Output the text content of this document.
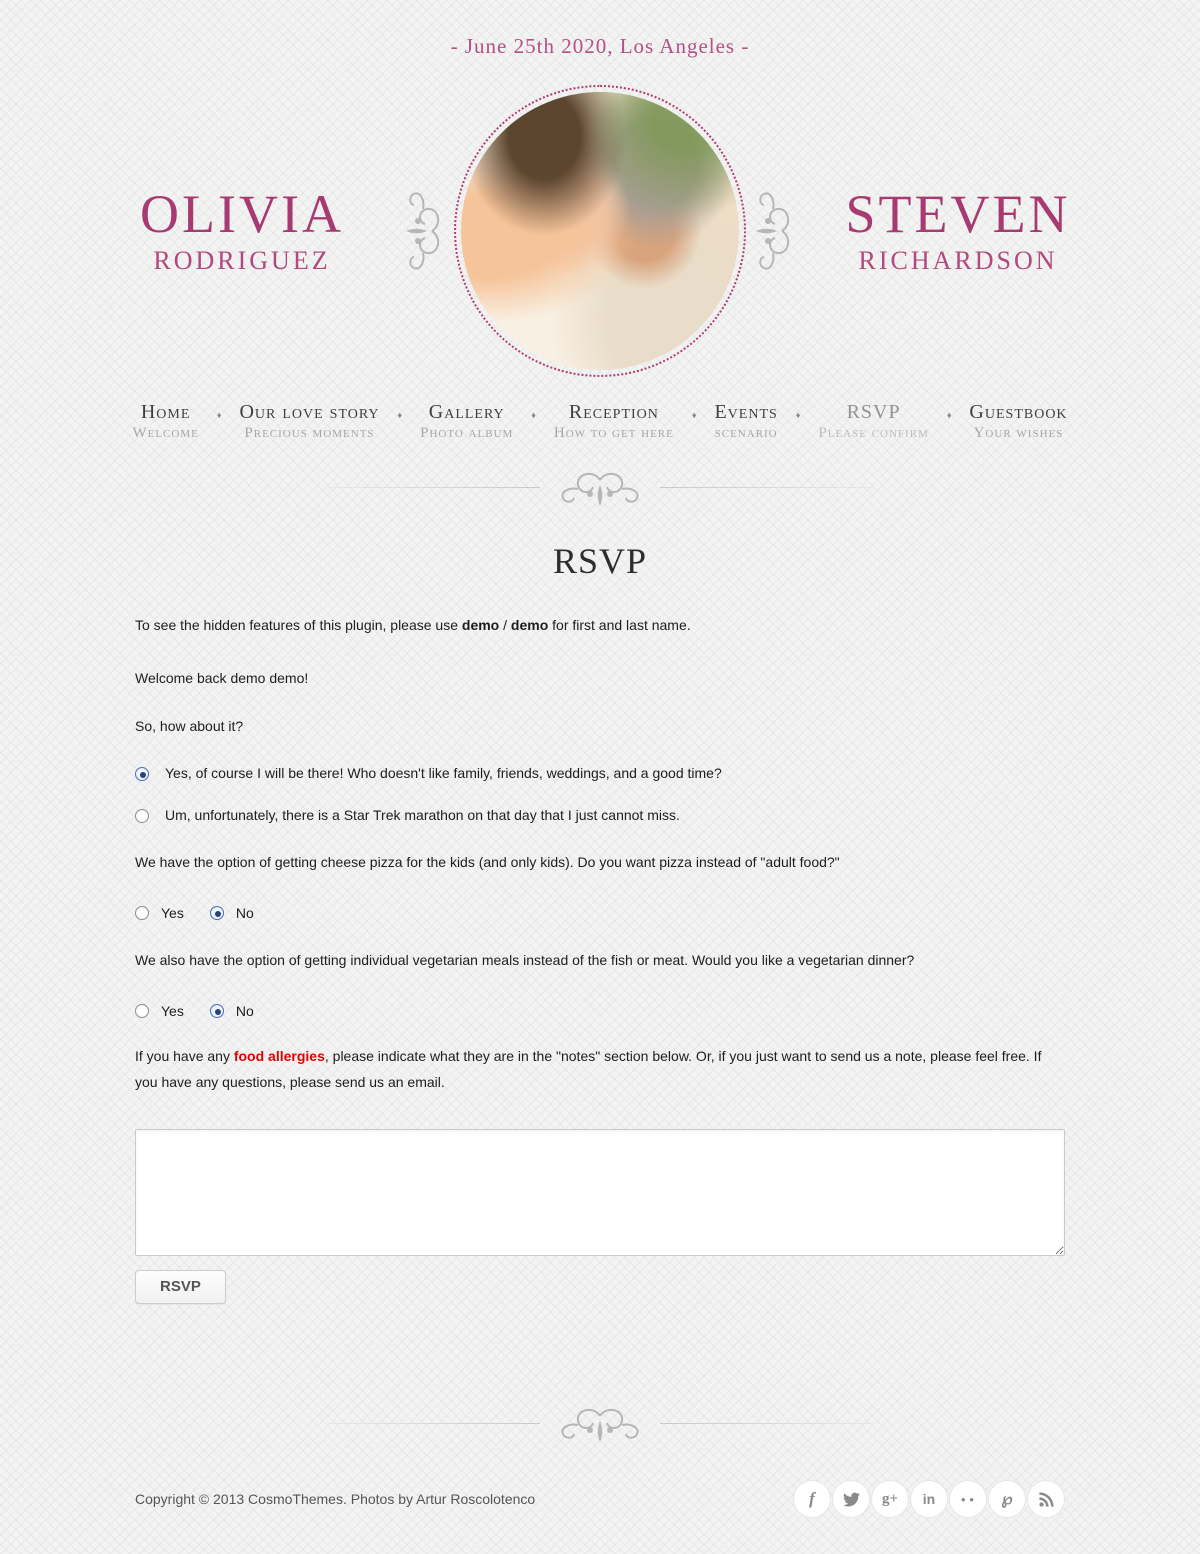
- June 25th 2020, Los Angeles -
OLIVIA
RODRIGUEZ
STEVEN
RICHARDSON
Home
Welcome
♦
Our love story
Precious moments
♦
Gallery
Photo album
♦
Reception
How to get here
♦
Events
scenario
♦
RSVP
Please confirm
♦
Guestbook
Your wishes
RSVP

To see the hidden features of this plugin, please use demo / demo for first and last name.

Welcome back demo demo!

So, how about it?

Yes, of course I will be there! Who doesn't like family, friends, weddings, and a good time?
Um, unfortunately, there is a Star Trek marathon on that day that I just cannot miss.

We have the option of getting cheese pizza for the kids (and only kids). Do you want pizza instead of "adult food?"

Yes	No

We also have the option of getting individual vegetarian meals instead of the fish or meat. Would you like a vegetarian dinner?

Yes	No

If you have any food allergies, please indicate what they are in the "notes" section below. Or, if you just want to send us a note, please feel free. If you have any questions, please send us an email.

RSVP
Copyright © 2013 CosmoThemes. Photos by Artur Roscolotenco
f
g+
in
● ●
℘
